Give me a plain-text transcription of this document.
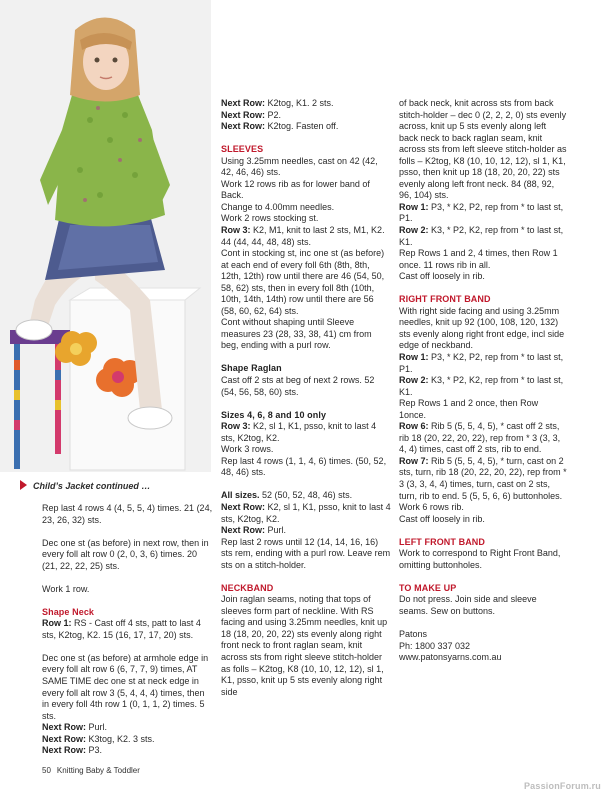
Child’s Jacket continued …

Rep last 4 rows 4 (4, 5, 5, 4) times. 21 (24, 23, 26, 32) sts.

Dec one st (as before) in next row, then in every foll alt row 0 (2, 0, 3, 6) times. 20 (21, 22, 22, 25) sts.

Work 1 row.

Shape Neck

Row 1: RS - Cast off 4 sts, patt to last 4 sts, K2tog, K2. 15 (16, 17, 17, 20) sts.

Dec one st (as before) at armhole edge in every foll alt row 6 (6, 7, 7, 9) times, AT SAME TIME dec one st at neck edge in every foll alt row 3 (5, 4, 4, 4) times, then in every foll 4th row 1 (0, 1, 1, 2) times. 5 sts.
Next Row: Purl.
Next Row: K3tog, K2. 3 sts.
Next Row: P3.

Next Row: K2tog, K1. 2 sts.
Next Row: P2.
Next Row: K2tog. Fasten off.

SLEEVES

Using 3.25mm needles, cast on 42 (42, 42, 46, 46) sts.
Work 12 rows rib as for lower band of Back.
Change to 4.00mm needles.
Work 2 rows stocking st.
Row 3: K2, M1, knit to last 2 sts, M1, K2. 44 (44, 44, 48, 48) sts.
Cont in stocking st, inc one st (as before) at each end of every foll 6th (8th, 8th, 12th, 12th) row until there are 46 (54, 50, 58, 62) sts, then in every foll 8th (10th, 10th, 14th, 14th) row until there are 56 (58, 60, 62, 64) sts.
Cont without shaping until Sleeve measures 23 (28, 33, 38, 41) cm from beg, ending with a purl row.

Shape Raglan

Cast off 2 sts at beg of next 2 rows. 52 (54, 56, 58, 60) sts.

Sizes 4, 6, 8 and 10 only

Row 3: K2, sl 1, K1, psso, knit to last 4 sts, K2tog, K2.
Work 3 rows.
Rep last 4 rows (1, 1, 4, 6) times. (50, 52, 48, 46) sts.

All sizes. 52 (50, 52, 48, 46) sts.
Next Row: K2, sl 1, K1, psso, knit to last 4 sts, K2tog, K2.
Next Row: Purl.
Rep last 2 rows until 12 (14, 14, 16, 16) sts rem, ending with a purl row. Leave rem sts on a stitch-holder.

NECKBAND

Join raglan seams, noting that tops of sleeves form part of neckline. With RS facing and using 3.25mm needles, knit up 18 (18, 20, 20, 22) sts evenly along right front neck to front raglan seam, knit across sts from right sleeve stitch-holder as folls – K2tog, K8 (10, 10, 12, 12), sl 1, K1, psso, knit up 5 sts evenly along right side

of back neck, knit across sts from back stitch-holder – dec 0 (2, 2, 2, 0) sts evenly across, knit up 5 sts evenly along left back neck to back raglan seam, knit across sts from left sleeve stitch-holder as folls – K2tog, K8 (10, 10, 12, 12), sl 1, K1, psso, then knit up 18 (18, 20, 20, 22) sts evenly along left front neck. 84 (88, 92, 96, 104) sts.
Row 1: P3, * K2, P2, rep from * to last st, P1.
Row 2: K3, * P2, K2, rep from * to last st, K1.
Rep Rows 1 and 2, 4 times, then Row 1 once. 11 rows rib in all.
Cast off loosely in rib.

RIGHT FRONT BAND

With right side facing and using 3.25mm needles, knit up 92 (100, 108, 120, 132) sts evenly along right front edge, incl side edge of neckband.
Row 1: P3, * K2, P2, rep from * to last st, P1.
Row 2: K3, * P2, K2, rep from * to last st, K1.
Rep Rows 1 and 2 once, then Row 1once.
Row 6: Rib 5 (5, 5, 4, 5), * cast off 2 sts, rib 18 (20, 22, 20, 22), rep from * 3 (3, 3, 4, 4) times, cast off 2 sts, rib to end.
Row 7: Rib 5 (5, 5, 4, 5), * turn, cast on 2 sts, turn, rib 18 (20, 22, 20, 22), rep from * 3 (3, 3, 4, 4) times, turn, cast on 2 sts, turn, rib to end. 5 (5, 5, 6, 6) buttonholes.
Work 6 rows rib.
Cast off loosely in rib.

LEFT FRONT BAND

Work to correspond to Right Front Band, omitting buttonholes.

TO MAKE UP

Do not press. Join side and sleeve seams. Sew on buttons.

Patons
Ph: 1800 337 032
www.patonsyarns.com.au

50 Knitting Baby & Toddler
PassionForum.ru
